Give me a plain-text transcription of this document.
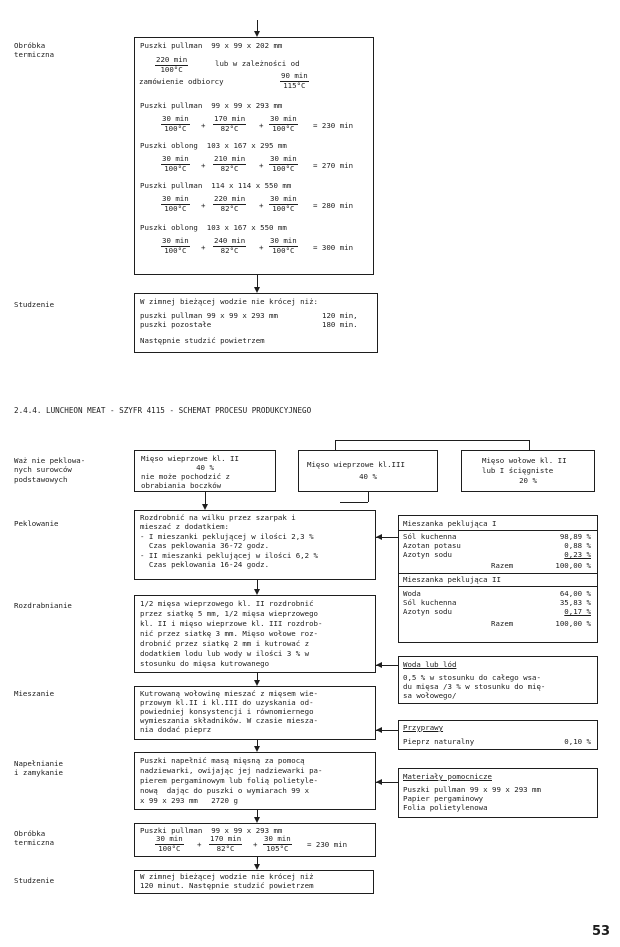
Obróbka
termiczna
Puszki pullman  99 x 99 x 202 mm
220 min
100°C
lub w zależności od
zamówienie odbiorcy
90 min
115°C
Puszki pullman  99 x 99 x 293 mm
30 min
100°C	+
170 min
82°C	+
30 min
100°C	= 230 min
Puszki oblong  103 x 167 x 295 mm
30 min
100°C	+
210 min
82°C	+
30 min
100°C	= 270 min
Puszki pullman  114 x 114 x 550 mm
30 min
100°C	+
220 min
82°C	+
30 min
100°C	= 280 min
Puszki oblong  103 x 167 x 550 mm
30 min
100°C	+
240 min
82°C	+
30 min
100°C	= 300 min
Studzenie	W zimnej bieżącej wodzie nie krócej niż:
puszki pullman 99 x 99 x 293 mm	120 min,
puszki pozostałe	180 min.
Następnie studzić powietrzem
2.4.4. LUNCHEON MEAT - SZYFR 4115 - SCHEMAT PROCESU PRODUKCYJNEGO
Waż nie peklowa-
nych surowców
podstawowych
Mięso wieprzowe kl. II
40 %
nie może pochodzić z
obrabiania boczków
Mięso wieprzowe kl.III
40 %
Mięso wołowe kl. II
lub I ścięgniste
20 %
Peklowanie
Rozdrobnić na wilku przez szarpak i
mieszać z dodatkiem:
- I mieszanki peklującej w ilości 2,3 %
Czas peklowania 36-72 godz.
- II mieszanki peklującej w ilości 6,2 %
Czas peklowania 16-24 godz.
Mieszanka peklująca I
Sól kuchenna	98,89 %
Azotan potasu	0,88 %
Azotyn sodu	0,23 %
Razem	100,00 %
Mieszanka peklująca II
Woda	64,00 %
Sól kuchenna	35,83 %
Azotyn sodu	0,17 %
Razem	100,00 %
Rozdrabnianie	1/2 mięsa wieprzowego kl. II rozdrobnić
przez siatkę 5 mm, 1/2 mięsa wieprzowego
kl. II i mięso wieprzowe kl. III rozdrob-
nić przez siatkę 3 mm. Mięso wołowe roz-
drobnić przez siatkę 2 mm i kutrować z
dodatkiem lodu lub wody w ilości 3 % w
stosunku do mięsa kutrowanego	Woda lub lód
0,5 % w stosunku do całego wsa-
du mięsa /3 % w stosunku do mię-
sa wołowego/
Mieszanie	Kutrowaną wołowinę mieszać z mięsem wie-
przowym kl.II i kl.III do uzyskania od-
powiedniej konsystencji i równomiernego
wymieszania składników. W czasie miesza-
nia dodać pieprz	Przyprawy
Pieprz naturalny	0,10 %
Napełnianie
i zamykanie
Puszki napełnić masą mięsną za pomocą
nadziewarki, owijając jej nadziewarki pa-
pierem pergaminowym lub folią polietyle-
nową  dając do puszki o wymiarach 99 x
x 99 x 293 mm   2720 g
Materiały pomocnicze
Puszki pullman 99 x 99 x 293 mm
Papier pergaminowy
Folia polietylenowa
Obróbka
termiczna
Puszki pullman  99 x 99 x 293 mm
30 min
100°C	+
170 min
82°C	+
30 min
105°C	= 230 min
Studzenie	W zimnej bieżącej wodzie nie krócej niż
120 minut. Następnie studzić powietrzem
53
